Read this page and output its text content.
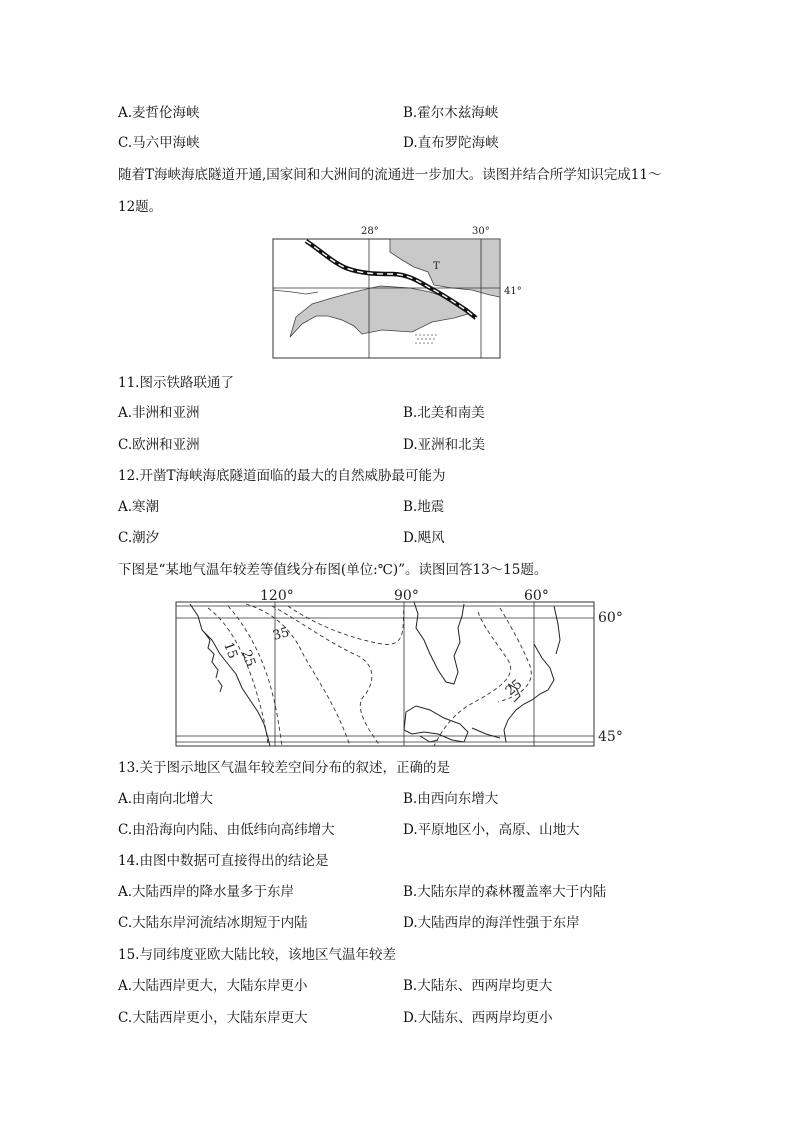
A.麦哲伦海峡	B.霍尔木兹海峡
C.马六甲海峡	D.直布罗陀海峡
随着T海峡海底隧道开通,国家间和大洲间的流通进一步加大。读图并结合所学知识完成11～
12题。
28°	30°
41°
T
11.图示铁路联通了
A.非洲和亚洲	B.北美和南美
C.欧洲和亚洲	D.亚洲和北美
12.开凿T海峡海底隧道面临的最大的自然威胁最可能为
A.寒潮	B.地震
C.潮汐	D.飓风
下图是“某地气温年较差等值线分布图(单位:℃)”。读图回答13～15题。
35
25
15
25
120°	90°	60°
60°
45°
13.关于图示地区气温年较差空间分布的叙述，正确的是
A.由南向北增大	B.由西向东增大
C.由沿海向内陆、由低纬向高纬增大	D.平原地区小，高原、山地大
14.由图中数据可直接得出的结论是
A.大陆西岸的降水量多于东岸	B.大陆东岸的森林覆盖率大于内陆
C.大陆东岸河流结冰期短于内陆	D.大陆西岸的海洋性强于东岸
15.与同纬度亚欧大陆比较，该地区气温年较差
A.大陆西岸更大，大陆东岸更小	B.大陆东、西两岸均更大
C.大陆西岸更小，大陆东岸更大	D.大陆东、西两岸均更小
